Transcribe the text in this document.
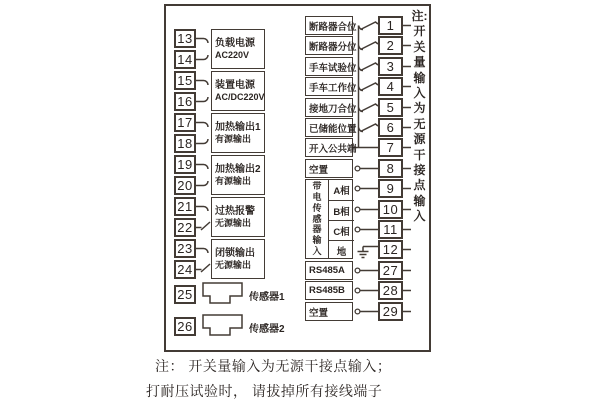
注:
开
关
量
输
入
为
无
源
干
接
点
输
入
注： 开关量输入为无源干接点输入；
打耐压试验时， 请拔掉所有接线端子
13
14
负载电源
AC220V
15
16
装置电源
AC/DC220V
17
18
加热输出1
有源输出
19
20
加热输出2
有源输出
21
22
过热报警
无源输出
23
24
闭锁输出
无源输出
25	传感器1
26	传感器2
1
断路器合位
2
断路器分位
3
手车试验位
4
手车工作位
5
接地刀合位
6
已储能位置
7
开入公共端
8
空置
9
带
电
传
感
器
输
入
A相
B相
C相
地
10
11
12
27
RS485A
28
RS485B
29
空置
